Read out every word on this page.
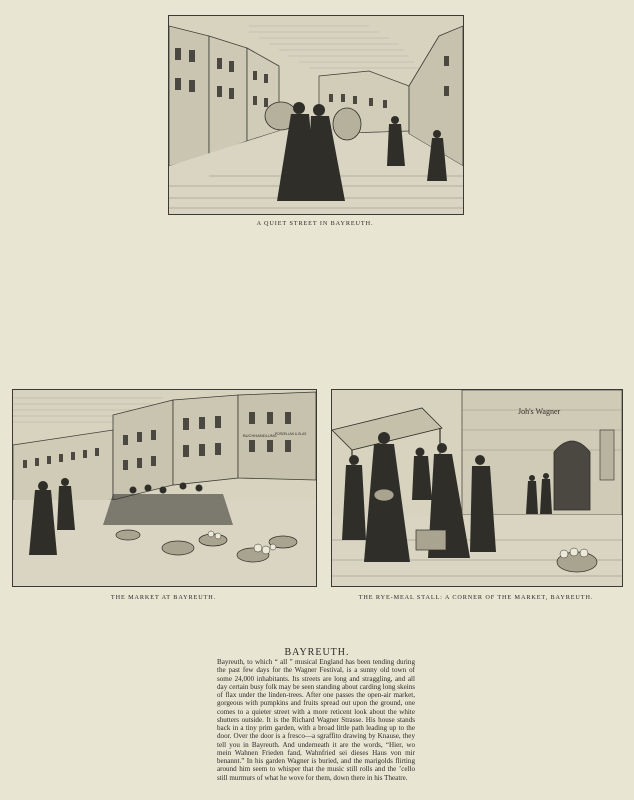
A QUIET STREET IN BAYREUTH.
BUCHHANDLUNG
PORZELLAN & GLAS
THE MARKET AT BAYREUTH.
Joh's Wagner
THE RYE-MEAL STALL: A CORNER OF THE MARKET, BAYREUTH.
BAYREUTH.

Bayreuth, to which “ all ” musical England has been tending during the past few days for the Wagner Festival, is a sunny old town of some 24,000 inhabitants. Its streets are long and straggling, and all day certain busy folk may be seen standing about carding long skeins of flax under the linden-trees. After one passes the open-air market, gorgeous with pumpkins and fruits spread out upon the ground, one comes to a quieter street with a more reticent look about the white shutters outside. It is the Richard Wagner Strasse. His house stands back in a tiny prim garden, with a broad little path leading up to the door. Over the door is a fresco—a sgraffito drawing by Knause, they tell you in Bayreuth. And underneath it are the words, “Hier, wo mein Wahnen Frieden fand, Wahnfried sei dieses Haus von mir benannt.” In his garden Wagner is buried, and the marigolds flirting around him seem to whisper that the music still rolls and the ’cello still murmurs of what he wove for them, down there in his Theatre.
